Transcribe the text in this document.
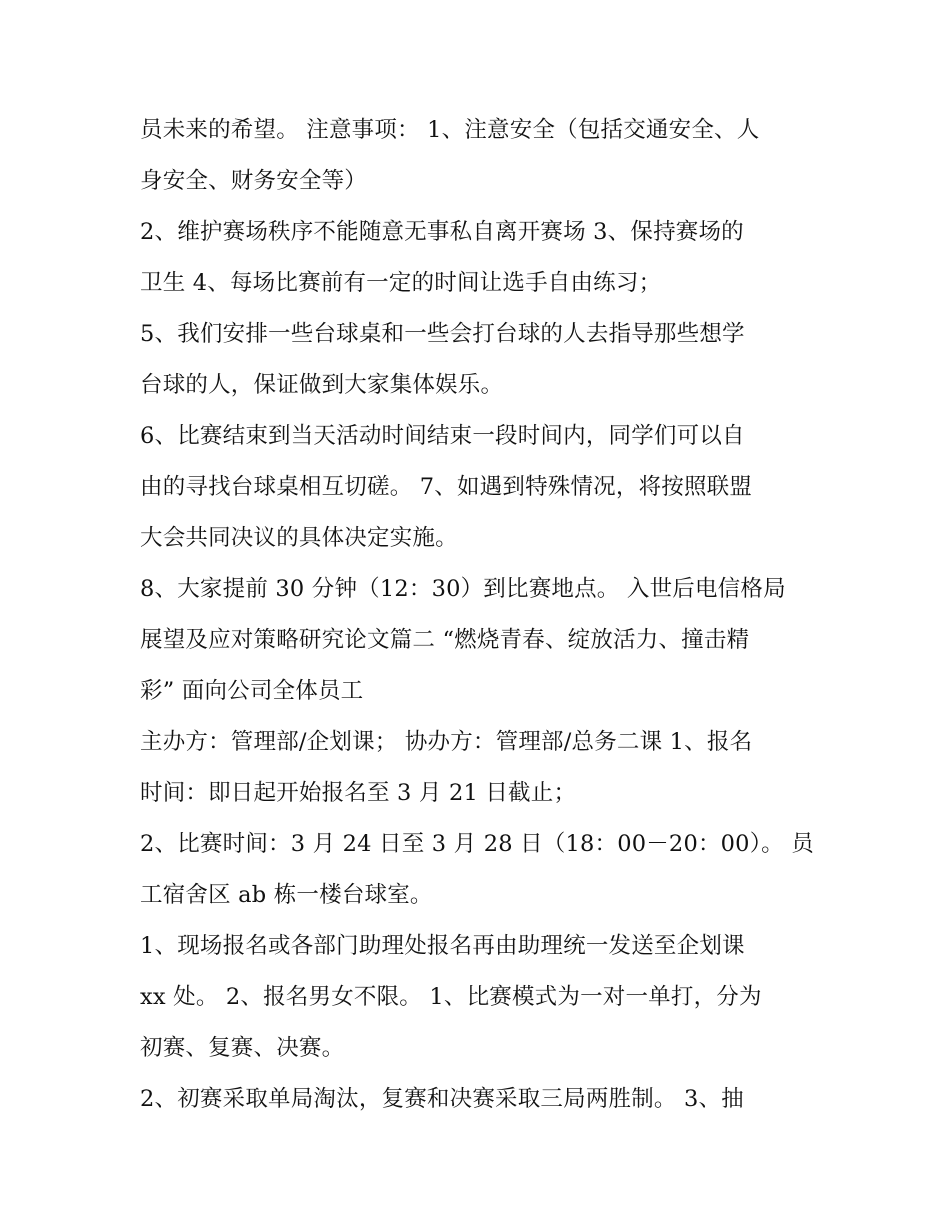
员未来的希望。 注意事项： 1、注意安全（包括交通安全、人
身安全、财务安全等）
2、维护赛场秩序不能随意无事私自离开赛场 3、保持赛场的
卫生 4、每场比赛前有一定的时间让选手自由练习；
5、我们安排一些台球桌和一些会打台球的人去指导那些想学
台球的人，保证做到大家集体娱乐。
6、比赛结束到当天活动时间结束一段时间内，同学们可以自
由的寻找台球桌相互切磋。 7、如遇到特殊情况，将按照联盟
大会共同决议的具体决定实施。
8、大家提前 30 分钟（12：30）到比赛地点。 入世后电信格局
展望及应对策略研究论文篇二 “燃烧青春、绽放活力、撞击精
彩” 面向公司全体员工
主办方：管理部/企划课； 协办方：管理部/总务二课 1、报名
时间：即日起开始报名至 3 月 21 日截止；
2、比赛时间：3 月 24 日至 3 月 28 日（18：00－20：00）。 员
工宿舍区 ab 栋一楼台球室。
1、现场报名或各部门助理处报名再由助理统一发送至企划课
xx 处。 2、报名男女不限。 1、比赛模式为一对一单打，分为
初赛、复赛、决赛。
2、初赛采取单局淘汰，复赛和决赛采取三局两胜制。 3、抽
